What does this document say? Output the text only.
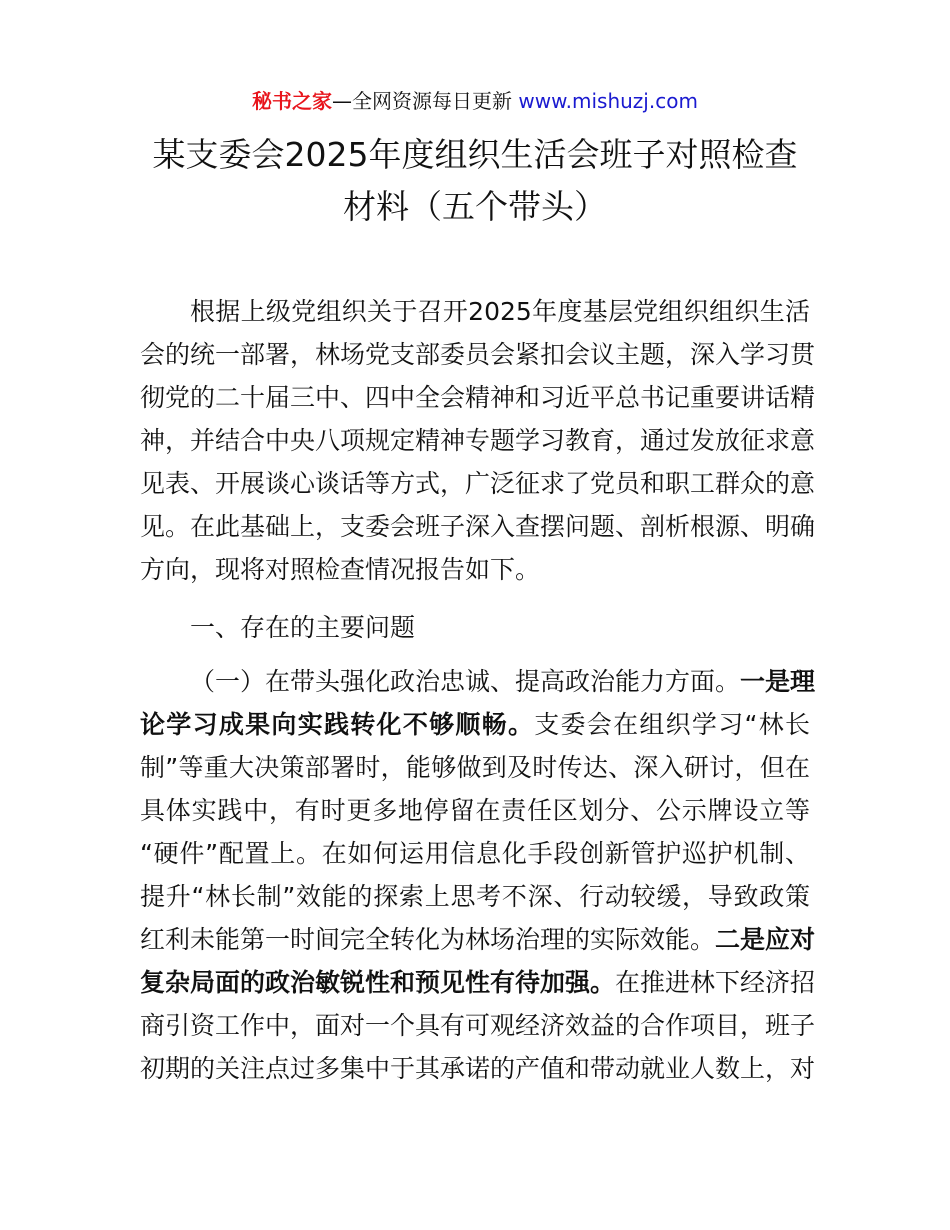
秘书之家—全网资源每日更新 www.mishuzj.com
某支委会2025年度组织生活会班子对照检查
材料（五个带头）
根据上级党组织关于召开2025年度基层党组织组织生活
会的统一部署，林场党支部委员会紧扣会议主题，深入学习贯
彻党的二十届三中、四中全会精神和习近平总书记重要讲话精
神，并结合中央八项规定精神专题学习教育，通过发放征求意
见表、开展谈心谈话等方式，广泛征求了党员和职工群众的意
见。在此基础上，支委会班子深入查摆问题、剖析根源、明确
方向，现将对照检查情况报告如下。
一、存在的主要问题
（一）在带头强化政治忠诚、提高政治能力方面。一是理
论学习成果向实践转化不够顺畅。支委会在组织学习“林长
制”等重大决策部署时，能够做到及时传达、深入研讨，但在
具体实践中，有时更多地停留在责任区划分、公示牌设立等
“硬件”配置上。在如何运用信息化手段创新管护巡护机制、
提升“林长制”效能的探索上思考不深、行动较缓，导致政策
红利未能第一时间完全转化为林场治理的实际效能。二是应对
复杂局面的政治敏锐性和预见性有待加强。在推进林下经济招
商引资工作中，面对一个具有可观经济效益的合作项目，班子
初期的关注点过多集中于其承诺的产值和带动就业人数上，对
